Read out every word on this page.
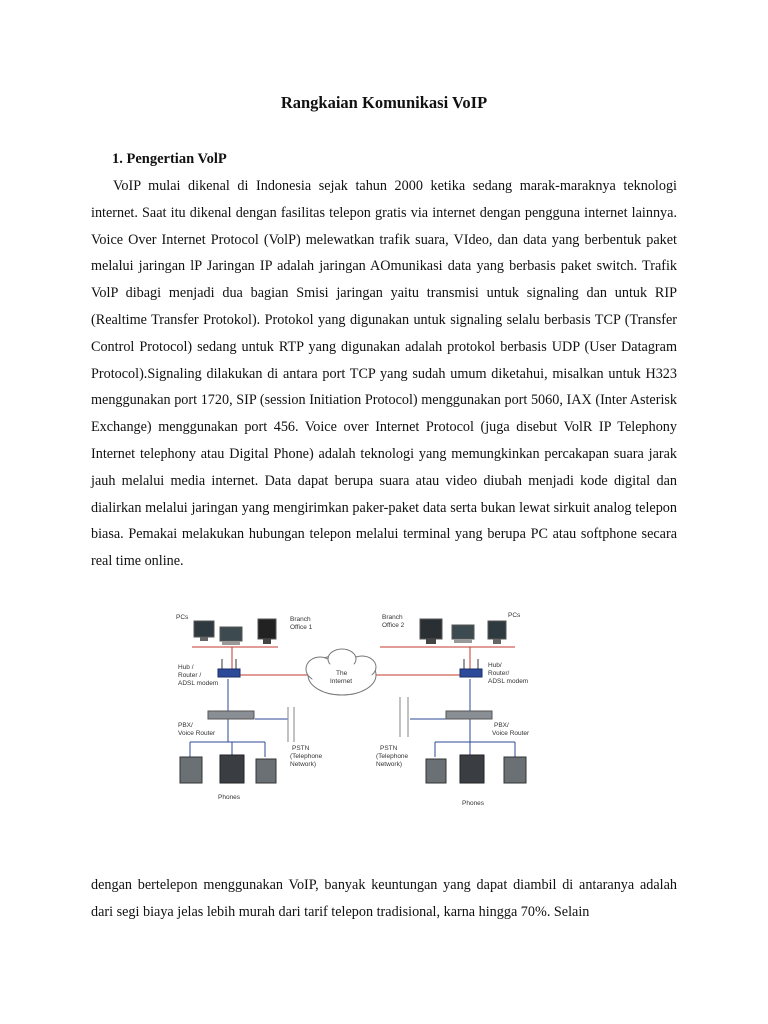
Rangkaian Komunikasi VoIP
1. Pengertian VolP

VoIP mulai dikenal di Indonesia sejak tahun 2000 ketika sedang marak-maraknya teknologi internet. Saat itu dikenal dengan fasilitas telepon gratis via internet dengan pengguna internet lainnya. Voice Over Internet Protocol (VolP) melewatkan trafik suara, VIdeo, dan data yang berbentuk paket melalui jaringan lP Jaringan IP adalah jaringan AOmunikasi data yang berbasis paket switch. Trafik VolP dibagi menjadi dua bagian Smisi jaringan yaitu transmisi untuk signaling dan untuk RIP (Realtime Transfer Protokol). Protokol yang digunakan untuk signaling selalu berbasis TCP (Transfer Control Protocol) sedang untuk RTP yang digunakan adalah protokol berbasis UDP (User Datagram Protocol).Signaling dilakukan di antara port TCP yang sudah umum diketahui, misalkan untuk H323 menggunakan port 1720, SIP (session Initiation Protocol) menggunakan port 5060, IAX (Inter Asterisk Exchange) menggunakan port 456. Voice over Internet Protocol (juga disebut VolR IP Telephony Internet telephony atau Digital Phone) adalah teknologi yang memungkinkan percakapan suara jarak jauh melalui media internet. Data dapat berupa suara atau video diubah menjadi kode digital dan dialirkan melalui jaringan yang mengirimkan paker-paket data serta bukan lewat sirkuit analog telepon biasa. Pemakai melakukan hubungan telepon melalui terminal yang berupa PC atau softphone secara real time online.

PCs	Branch
Office 1
Branch
Office 2
PCs
Hub /
Router /
ADSL modem
Hub/
Router/
ADSL modem
The
Internet
PBX/
Voice Router
PBX/
Voice Router
PSTN
(Telephone
Network)
PSTN
(Telephone
Network)
Phones
Phones

dengan bertelepon menggunakan VoIP, banyak keuntungan yang dapat diambil di antaranya adalah dari segi biaya jelas lebih murah dari tarif telepon tradisional, karna hingga 70%. Selain
